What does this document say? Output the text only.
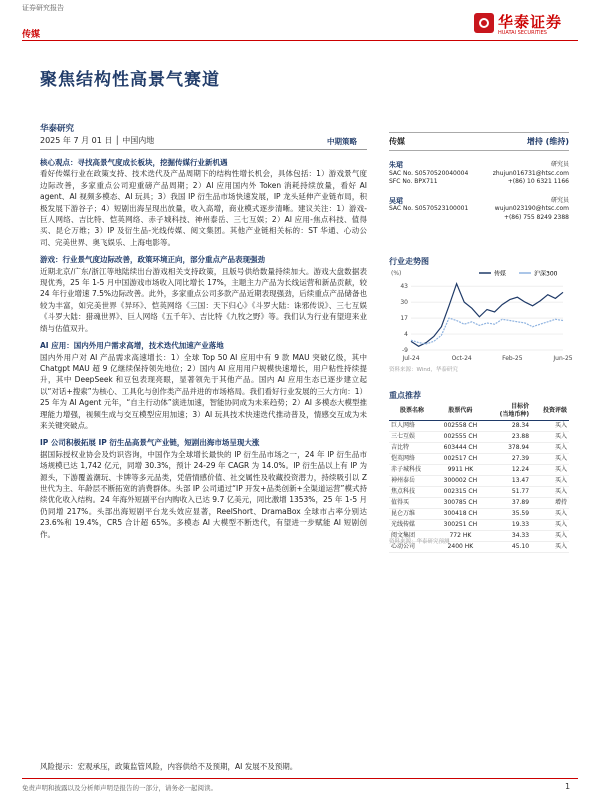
证券研究报告
传媒
华泰证券
HUATAI SECURITIES
聚焦结构性高景气赛道
华泰研究
2025 年 7 月 01 日 │ 中国内地	中期策略

核心观点：寻找高景气度成长板块，挖掘传媒行业新机遇
看好传媒行业在政策支持、技术迭代及产品周期下的结构性增长机会，具体包括：1）游戏景气度边际改善，多家重点公司迎重磅产品周期；2）AI 应用国内外 Token 消耗持续放量，看好 AI agent、AI 视频多模态、AI 玩具；3）我国 IP 衍生品市场快速发展，IP 龙头延伸产业链布局，积极发展下游谷子；4）短剧出海呈现出放量，收入高增，商业模式逐步清晰。建议关注：1）游戏-巨人网络、吉比特、恺英网络、赤子城科技、神州泰岳、三七互娱；2）AI 应用-焦点科技、值得买、昆仑万维；3）IP 及衍生品-光线传媒、阅文集团。其他产业链相关标的：ST 华通、心动公司、完美世界、奥飞娱乐、上海电影等。

游戏：行业景气度边际改善，政策环境正向，部分重点产品表现强劲
近期北京/广东/浙江等地陆续出台游戏相关支持政策，且版号供给数量持续加大。游戏大盘数据表现优秀，25 年 1-5 月中国游戏市场收入同比增长 17%，主题主力产品为长线运营和新品贡献，较 24 年行业增速 7.5%边际改善。此外，多家重点公司多款产品近期表现强劲，后续重点产品储备也较为丰富，如完美世界《异环》、恺英网络《三国：天下归心》《斗罗大陆：诛邪传说》、三七互娱《斗罗大陆：猎魂世界》、巨人网络《五千年》、吉比特《九牧之野》等。我们认为行业有望迎来业绩与估值双升。

AI 应用：国内外用户需求高增，技术迭代加速产业落地
国内外用户对 AI 产品需求高速增长：1）全球 Top 50 AI 应用中有 9 款 MAU 突破亿级，其中 Chatgpt MAU 超 9 亿继续保持领先地位；2）国内 AI 应用用户规模快速增长，用户粘性持续提升，其中 DeepSeek 和豆包表现亮眼，显著领先于其他产品。国内 AI 应用生态已逐步建立起以“对话+搜索”为核心、工具化与创作类产品并进的市场格局。我们看好行业发展的三大方向：1）25 年为 AI Agent 元年，“自主行动体”演进加速，智能协同成为未来趋势；2）AI 多模态大模型推理能力增强，视频生成与交互模型应用加速；3）AI 玩具技术快速迭代推动普及，情感交互成为未来关键突破点。

IP 公司积极拓展 IP 衍生品高景气产业链，短剧出海市场呈现大涨
据国际授权业协会及灼识咨询，中国作为全球增长最快的 IP 衍生品市场之一，24 年 IP 衍生品市场规模已达 1,742 亿元，同增 30.3%，预计 24-29 年 CAGR 为 14.0%。IP 衍生品以上有 IP 为源头，下游覆盖潮玩、卡牌等多元品类，凭借情感价值、社交属性及收藏投资潜力，持续吸引以 Z 世代为主、年龄层不断拓宽的消费群体。头部 IP 公司通过“IP 开发+品类创新+全渠道运营”模式持续优化收入结构。24 年海外短剧平台内购收入已达 9.7 亿美元，同比激增 1353%，25 年 1-5 月仍同增 217%。头部出海短剧平台龙头效应显著，ReelShort、DramaBox 全球市占率分别达 23.6%和 19.4%，CR5 合计超 65%。多模态 AI 大模型不断迭代，有望进一步赋能 AI 短剧创作。

风险提示：宏观承压，政策监管风险，内容供给不及预期，AI 发展不及预期。
传媒	增持 (维持)
朱珺	研究员
SAC No. S0570520040004	zhujun016731@htsc.com
SFC No. BPX711	+(86) 10 6321 1166
吴珺	研究员
SAC No. S0570523100001	wujun023190@htsc.com
+(86) 755 8249 2388
行业走势图
(%)	传媒	沪深300
-9
4
17
30
43
Jul-24	Oct-24	Feb-25	Jun-25
资料来源：Wind，华泰研究
重点推荐
股票名称	股票代码	目标价
(当地币种)	投资评级
巨人网络	002558 CH	28.34	买入
三七互娱	002555 CH	23.88	买入
吉比特	603444 CH	378.94	买入
恺英网络	002517 CH	27.39	买入
赤子城科技	9911 HK	12.24	买入
神州泰岳	300002 CH	13.47	买入
焦点科技	002315 CH	51.77	买入
值得买	300785 CH	37.89	增持
昆仑万维	300418 CH	35.59	买入
光线传媒	300251 CH	19.33	买入
阅文集团	772 HK	34.33	买入
心动公司	2400 HK	45.10	买入
资料来源：华泰研究预测
免责声明和披露以及分析师声明是报告的一部分，请务必一起阅读。	1
